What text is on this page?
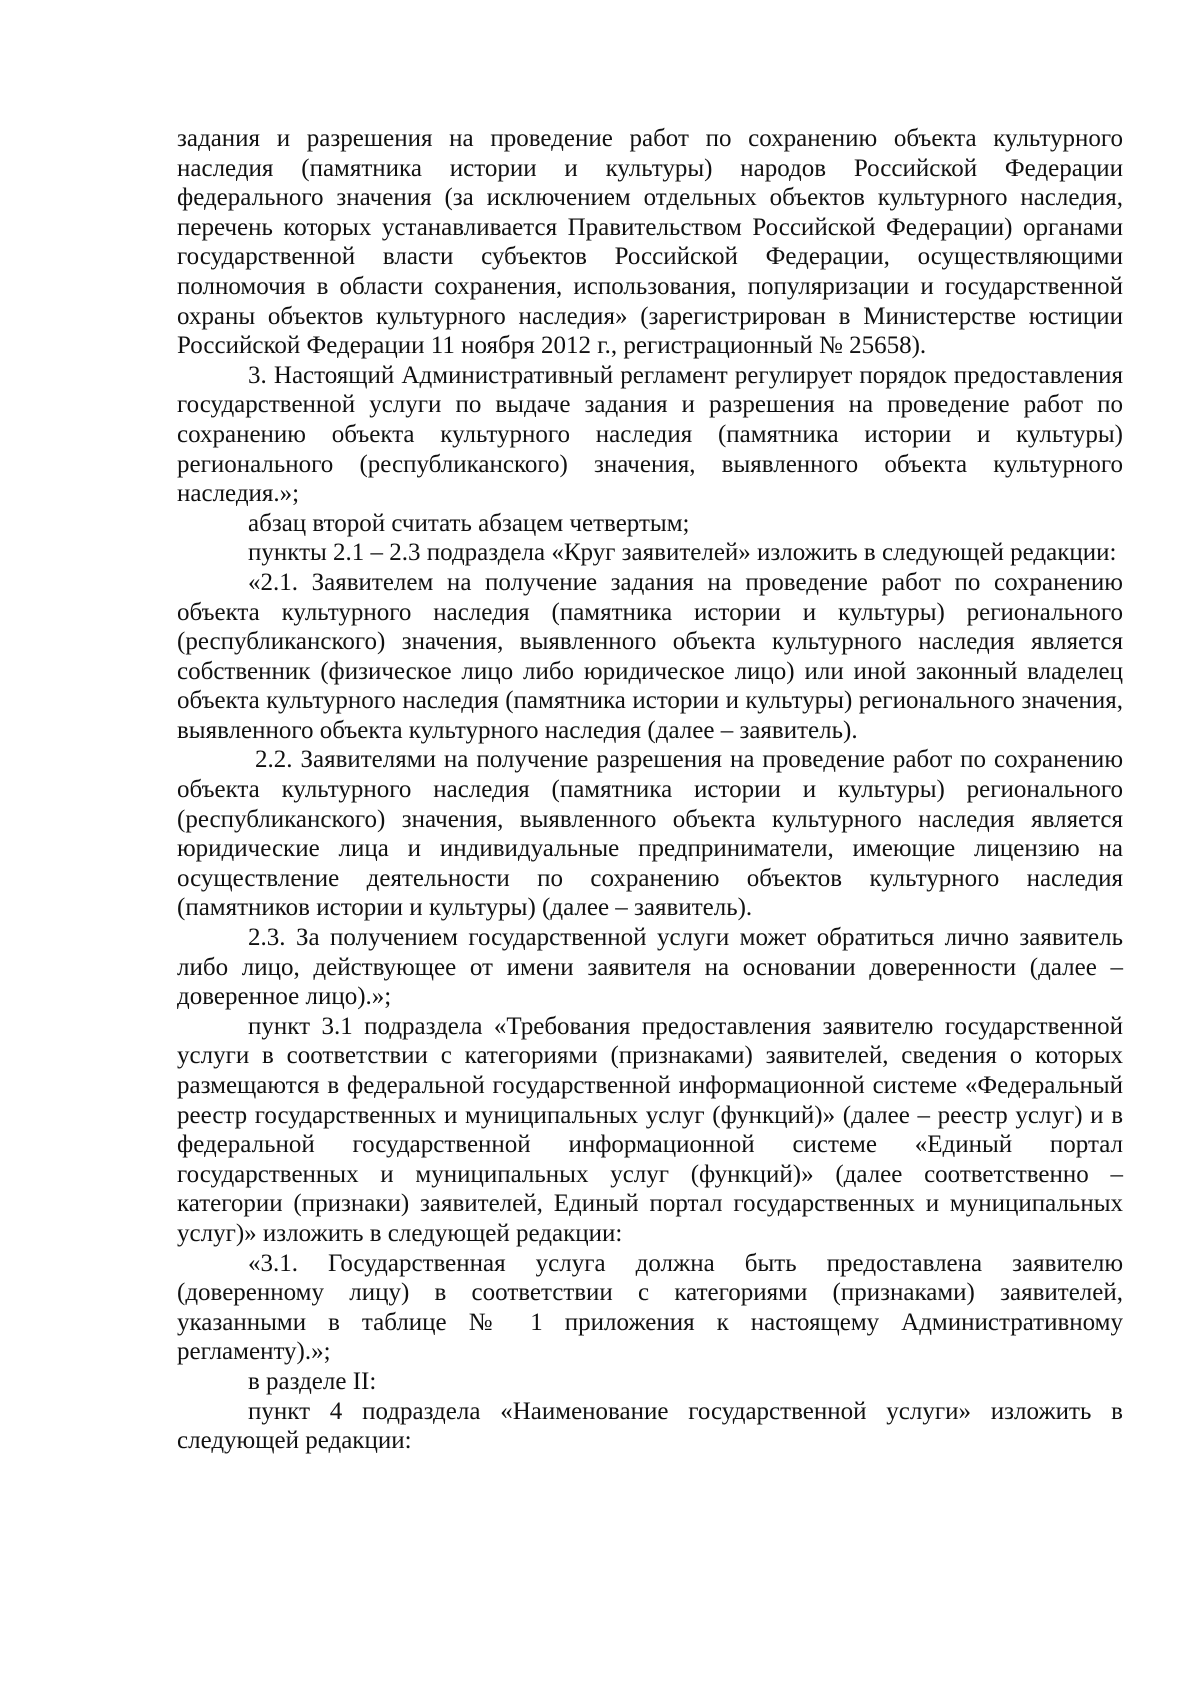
задания и разрешения на проведение работ по сохранению объекта культурного наследия (памятника истории и культуры) народов Российской Федерации федерального значения (за исключением отдельных объектов культурного наследия, перечень которых устанавливается Правительством Российской Федерации) органами государственной власти субъектов Российской Федерации, осуществляющими полномочия в области сохранения, использования, популяризации и государственной охраны объектов культурного наследия» (зарегистрирован в Министерстве юстиции Российской Федерации 11 ноября 2012 г., регистрационный № 25658).

3. Настоящий Административный регламент регулирует порядок предоставления государственной услуги по выдаче задания и разрешения на проведение работ по сохранению объекта культурного наследия (памятника истории и культуры) регионального (республиканского) значения, выявленного объекта культурного наследия.»;

абзац второй считать абзацем четвертым;

пункты 2.1 – 2.3 подраздела «Круг заявителей» изложить в следующей редакции:

«2.1. Заявителем на получение задания на проведение работ по сохранению объекта культурного наследия (памятника истории и культуры) регионального (республиканского) значения, выявленного объекта культурного наследия является собственник (физическое лицо либо юридическое лицо) или иной законный владелец объекта культурного наследия (памятника истории и культуры) регионального значения, выявленного объекта культурного наследия (далее – заявитель).

2.2. Заявителями на получение разрешения на проведение работ по сохранению объекта культурного наследия (памятника истории и культуры) регионального (республиканского) значения, выявленного объекта культурного наследия является юридические лица и индивидуальные предприниматели, имеющие лицензию на осуществление деятельности по сохранению объектов культурного наследия (памятников истории и культуры) (далее – заявитель).

2.3. За получением государственной услуги может обратиться лично заявитель либо лицо, действующее от имени заявителя на основании доверенности (далее – доверенное лицо).»;

пункт 3.1 подраздела «Требования предоставления заявителю государственной услуги в соответствии с категориями (признаками) заявителей, сведения о которых размещаются в федеральной государственной информационной системе «Федеральный реестр государственных и муниципальных услуг (функций)» (далее – реестр услуг) и в федеральной государственной информационной системе «Единый портал государственных и муниципальных услуг (функций)» (далее соответственно – категории (признаки) заявителей, Единый портал государственных и муниципальных услуг)» изложить в следующей редакции:

«3.1. Государственная услуга должна быть предоставлена заявителю (доверенному лицу) в соответствии с категориями (признаками) заявителей, указанными в таблице № 1 приложения к настоящему Административному регламенту).»;

в разделе II:

пункт 4 подраздела «Наименование государственной услуги» изложить в следующей редакции:
